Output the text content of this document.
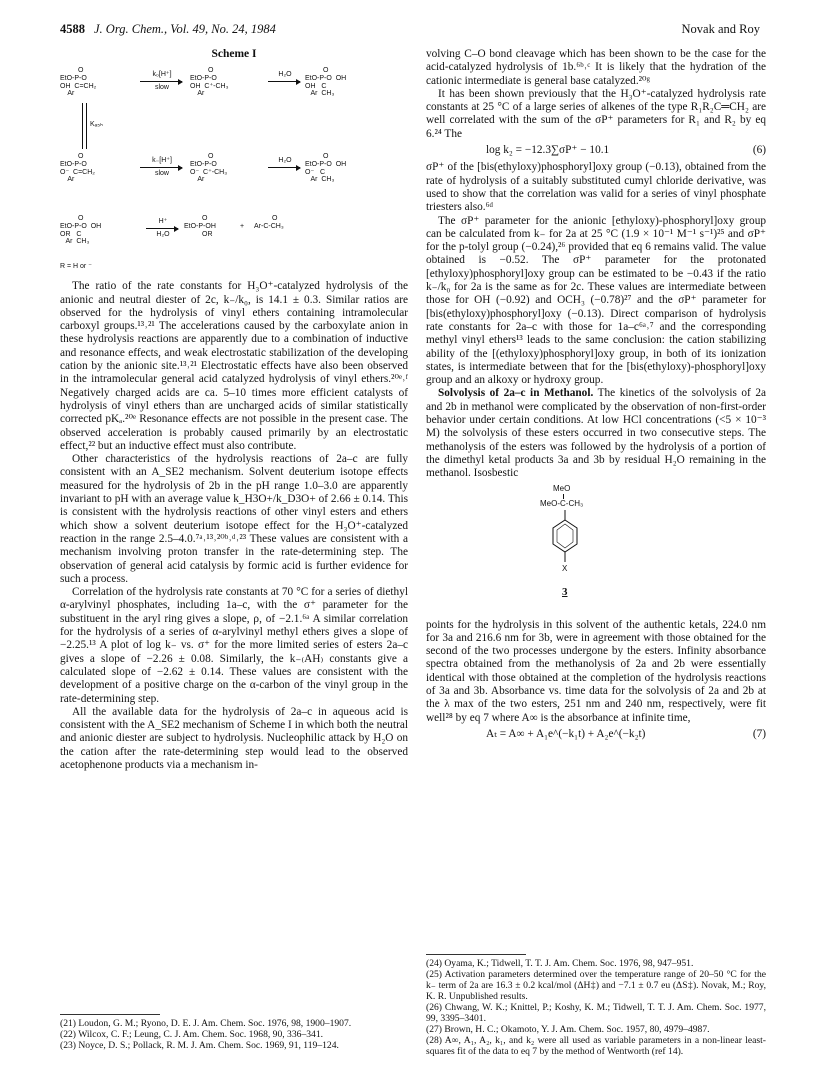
4588 J. Org. Chem., Vol. 49, No. 24, 1984	Novak and Roy
Scheme I
O
EtO-P-O
OH  C=CH₂
Ar
k₀[H⁺]
slow
O
EtO-P-O
OH  C⁺-CH₃
Ar
H₂O
O
EtO-P-O  OH
OH   C
Ar  CH₃
Kₐ₅ₕ
O
EtO-P-O
O⁻  C=CH₂
Ar
k₋[H⁺]
slow
O
EtO-P-O
O⁻  C⁺-CH₃
Ar
H₂O
O
EtO-P-O  OH
O⁻   C
Ar  CH₃
O
EtO-P-O  OH
OR   C
Ar  CH₃
H⁺
H₂O
O
EtO-P-OH
OR
+
O
Ar-C-CH₃
R = H or ⁻

The ratio of the rate constants for H₃O⁺-catalyzed hydrolysis of the anionic and neutral diester of 2c, k₋/k₀, is 14.1 ± 0.3. Similar ratios are observed for the hydrolysis of vinyl ethers containing intramolecular carboxyl groups.¹³˒²¹ The accelerations caused by the carboxylate anion in these hydrolysis reactions are apparently due to a combination of inductive and resonance effects, and weak electrostatic stabilization of the developing cation by the anionic site.¹³˒²¹ Electrostatic effects have also been observed in the intramolecular general acid catalyzed hydrolysis of vinyl ethers.²⁰ᵉ˒ᶠ Negatively charged acids are ca. 5–10 times more efficient catalysts of hydrolysis of vinyl ethers than are uncharged acids of similar statistically corrected pKₐ.²⁰ᵉ Resonance effects are not possible in the present case. The observed acceleration is probably caused primarily by an electrostatic effect,²² but an inductive effect must also contribute.

Other characteristics of the hydrolysis reactions of 2a–c are fully consistent with an A_SE2 mechanism. Solvent deuterium isotope effects measured for the hydrolysis of 2b in the pH range 1.0–3.0 are apparently invariant to pH with an average value k_H3O+/k_D3O+ of 2.66 ± 0.14. This is consistent with the hydrolysis reactions of other vinyl esters and ethers which show a solvent deuterium isotope effect for the H₃O⁺-catalyzed reaction in the range 2.5–4.0.⁷ᵃ˒¹³˒²⁰ᵇ˒ᵈ˒²³ These values are consistent with a mechanism involving proton transfer in the rate-determining step. The observation of general acid catalysis by formic acid is further evidence for such a process.

Correlation of the hydrolysis rate constants at 70 °C for a series of diethyl α-arylvinyl phosphates, including 1a–c, with the σ⁺ parameter for the substituent in the aryl ring gives a slope, ρ, of −2.1.⁶ᵃ A similar correlation for the hydrolysis of a series of α-arylvinyl methyl ethers gives a slope of −2.25.¹³ A plot of log k₋ vs. σ⁺ for the more limited series of esters 2a–c gives a slope of −2.26 ± 0.08. Similarly, the k₋₍AH₎ constants give a calculated slope of −2.62 ± 0.14. These values are consistent with the development of a positive charge on the α-carbon of the vinyl group in the rate-determining step.

All the available data for the hydrolysis of 2a–c in aqueous acid is consistent with the A_SE2 mechanism of Scheme I in which both the neutral and anionic diester are subject to hydrolysis. Nucleophilic attack by H₂O on the cation after the rate-determining step would lead to the observed acetophenone products via a mechanism in-

(21) Loudon, G. M.; Ryono, D. E. J. Am. Chem. Soc. 1976, 98, 1900–1907.

(22) Wilcox, C. F.; Leung, C. J. Am. Chem. Soc. 1968, 90, 336–341.

(23) Noyce, D. S.; Pollack, R. M. J. Am. Chem. Soc. 1969, 91, 119–124.

volving C–O bond cleavage which has been shown to be the case for the acid-catalyzed hydrolysis of 1b.⁶ᵇ˒ᶜ It is likely that the hydration of the cationic intermediate is general base catalyzed.²⁰ᵍ

It has been shown previously that the H₃O⁺-catalyzed hydrolysis rate constants at 25 °C of a large series of alkenes of the type R₁R₂C═CH₂ are well correlated with the sum of the σP⁺ parameters for R₁ and R₂ by eq 6.²⁴ The

log k₂ = −12.3∑σP⁺ − 10.1	(6)

σP⁺ of the [bis(ethyloxy)phosphoryl]oxy group (−0.13), obtained from the rate of hydrolysis of a suitably substituted cumyl chloride derivative, was used to show that the correlation was valid for a series of vinyl phosphate triesters also.⁶ᵈ

The σP⁺ parameter for the anionic [ethyloxy)-phosphoryl]oxy group can be calculated from k₋ for 2a at 25 °C (1.9 × 10⁻¹ M⁻¹ s⁻¹)²⁵ and σP⁺ for the p-tolyl group (−0.24),²⁶ provided that eq 6 remains valid. The value obtained is −0.52. The σP⁺ parameter for the protonated [ethyloxy)phosphoryl]oxy group can be estimated to be −0.43 if the ratio k₋/k₀ for 2a is the same as for 2c. These values are intermediate between those for OH (−0.92) and OCH₃ (−0.78)²⁷ and the σP⁺ parameter for [bis(ethyloxy)phosphoryl]oxy (−0.13). Direct comparison of hydrolysis rate constants for 2a–c with those for 1a–c⁶ᵃ˒⁷ and the corresponding methyl vinyl ethers¹³ leads to the same conclusion: the cation stabilizing ability of the [(ethyloxy)phosphoryl]oxy group, in both of its ionization states, is intermediate between that for the [bis(ethyloxy)-phosphoryl]oxy group and an alkoxy or hydroxy group.

Solvolysis of 2a–c in Methanol. The kinetics of the solvolysis of 2a and 2b in methanol were complicated by the observation of non-first-order behavior under certain conditions. At low HCl concentrations (<5 × 10⁻³ M) the solvolysis of these esters occurred in two consecutive steps. The methanolysis of the esters was followed by the hydrolysis of a portion of the dimethyl ketal products 3a and 3b by residual H₂O remaining in the methanol. Isosbestic

MeO
MeO-C-CH₃
X
3

points for the hydrolysis in this solvent of the authentic ketals, 224.0 nm for 3a and 216.6 nm for 3b, were in agreement with those obtained for the second of the two processes undergone by the esters. Infinity absorbance spectra obtained from the methanolysis of 2a and 2b were essentially identical with those obtained at the completion of the hydrolysis reactions of 3a and 3b. Absorbance vs. time data for the solvolysis of 2a and 2b at the λ max of the two esters, 251 nm and 240 nm, respectively, were fit well²⁸ by eq 7 where A∞ is the absorbance at infinite time,

Aₜ = A∞ + A₁e^(−k₁t) + A₂e^(−k₂t)	(7)

(24) Oyama, K.; Tidwell, T. T. J. Am. Chem. Soc. 1976, 98, 947–951.

(25) Activation parameters determined over the temperature range of 20–50 °C for the k₋ term of 2a are 16.3 ± 0.2 kcal/mol (ΔH‡) and −7.1 ± 0.7 eu (ΔS‡). Novak, M.; Roy, K. R. Unpublished results.

(26) Chwang, W. K.; Knittel, P.; Koshy, K. M.; Tidwell, T. T. J. Am. Chem. Soc. 1977, 99, 3395–3401.

(27) Brown, H. C.; Okamoto, Y. J. Am. Chem. Soc. 1957, 80, 4979–4987.

(28) A∞, A₁, A₂, k₁, and k₂ were all used as variable parameters in a non-linear least-squares fit of the data to eq 7 by the method of Wentworth (ref 14).
